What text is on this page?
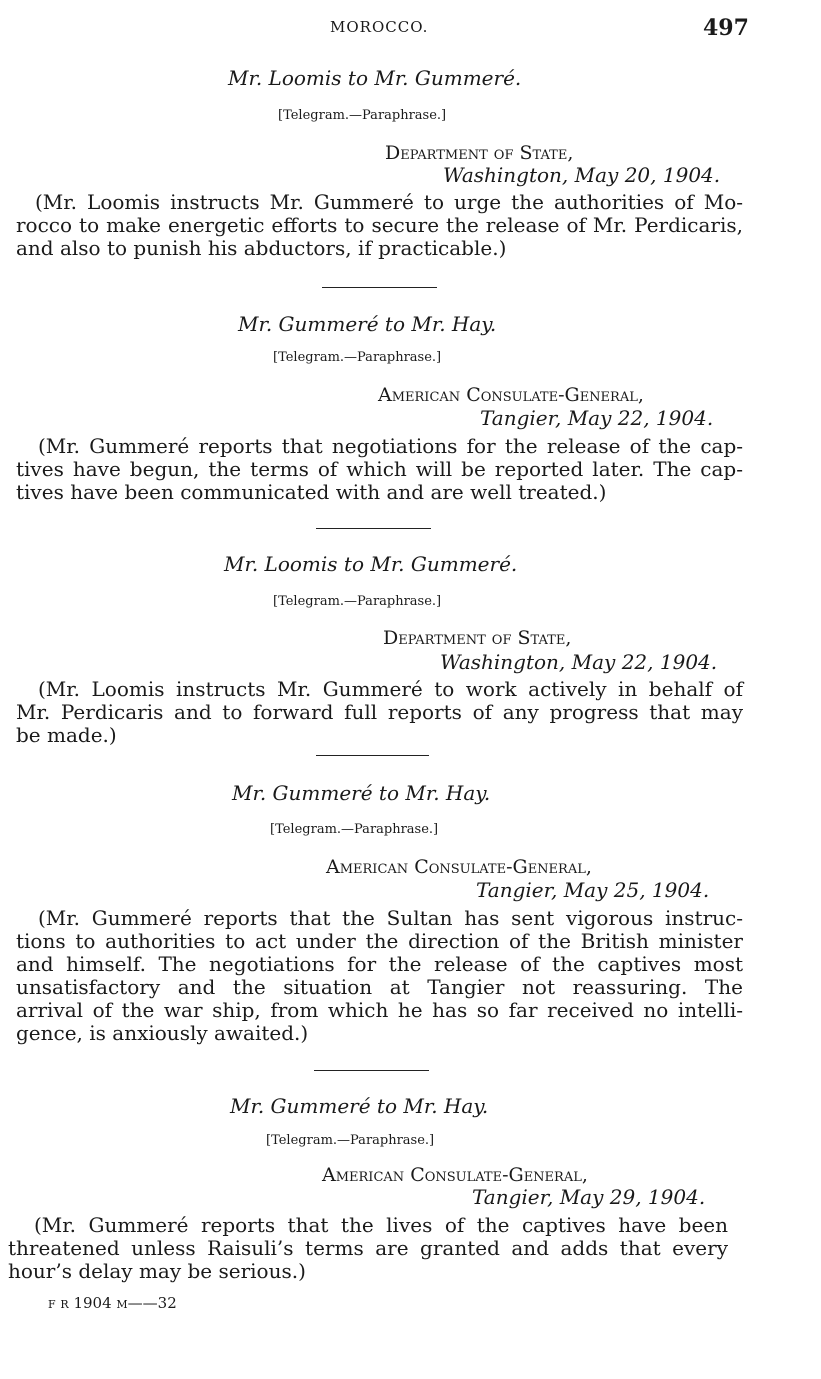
MOROCCO.	497
Mr. Loomis to Mr. Gummeré.
[Telegram.—Paraphrase.]
Department of State,
Washington, May 20, 1904.
(Mr. Loomis instructs Mr. Gummeré to urge the authorities of Mo-
rocco to make energetic efforts to secure the release of Mr. Perdicaris,
and also to punish his abductors, if practicable.)
Mr. Gummeré to Mr. Hay.
[Telegram.—Paraphrase.]
American Consulate-General,
Tangier, May 22, 1904.
(Mr. Gummeré reports that negotiations for the release of the cap-
tives have begun, the terms of which will be reported later. The cap-
tives have been communicated with and are well treated.)
Mr. Loomis to Mr. Gummeré.
[Telegram.—Paraphrase.]
Department of State,
Washington, May 22, 1904.
(Mr. Loomis instructs Mr. Gummeré to work actively in behalf of
Mr. Perdicaris and to forward full reports of any progress that may
be made.)
Mr. Gummeré to Mr. Hay.
[Telegram.—Paraphrase.]
American Consulate-General,
Tangier, May 25, 1904.
(Mr. Gummeré reports that the Sultan has sent vigorous instruc-
tions to authorities to act under the direction of the British minister
and himself. The negotiations for the release of the captives most
unsatisfactory and the situation at Tangier not reassuring. The
arrival of the war ship, from which he has so far received no intelli-
gence, is anxiously awaited.)
Mr. Gummeré to Mr. Hay.
[Telegram.—Paraphrase.]
American Consulate-General,
Tangier, May 29, 1904.
(Mr. Gummeré reports that the lives of the captives have been
threatened unless Raisuli’s terms are granted and adds that every
hour’s delay may be serious.)
f r 1904 m——32
